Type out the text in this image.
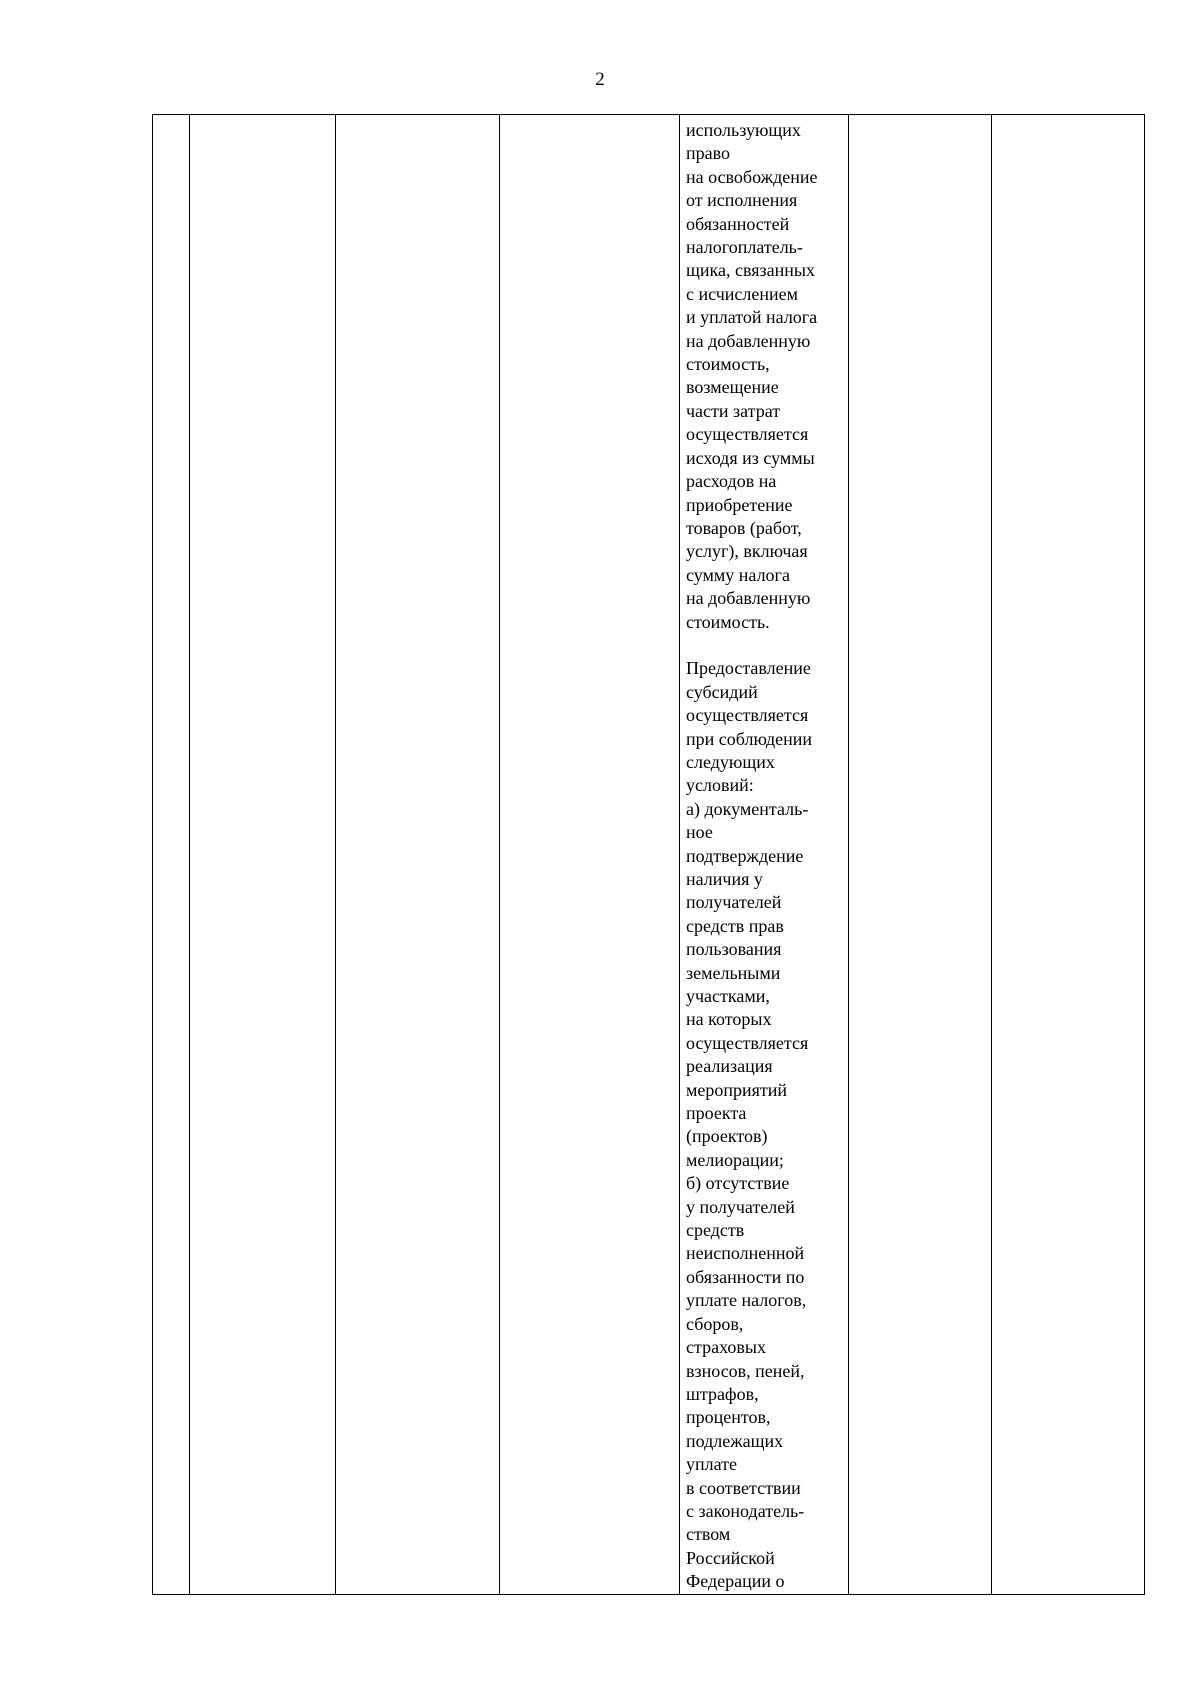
2

использующих
право
на освобождение
от исполнения
обязанностей
налогоплатель-
щика, связанных
с исчислением
и уплатой налога
на добавленную
стоимость,
возмещение
части затрат
осуществляется
исходя из суммы
расходов на
приобретение
товаров (работ,
услуг), включая
сумму налога
на добавленную
стоимость.
Предоставление
субсидий
осуществляется
при соблюдении
следующих
условий:
а) документаль-
ное
подтверждение
наличия у
получателей
средств прав
пользования
земельными
участками,
на которых
осуществляется
реализация
мероприятий
проекта
(проектов)
мелиорации;
б) отсутствие
у получателей
средств
неисполненной
обязанности по
уплате налогов,
сборов,
страховых
взносов, пеней,
штрафов,
процентов,
подлежащих
уплате
в соответствии
с законодатель-
ством
Российской
Федерации о
